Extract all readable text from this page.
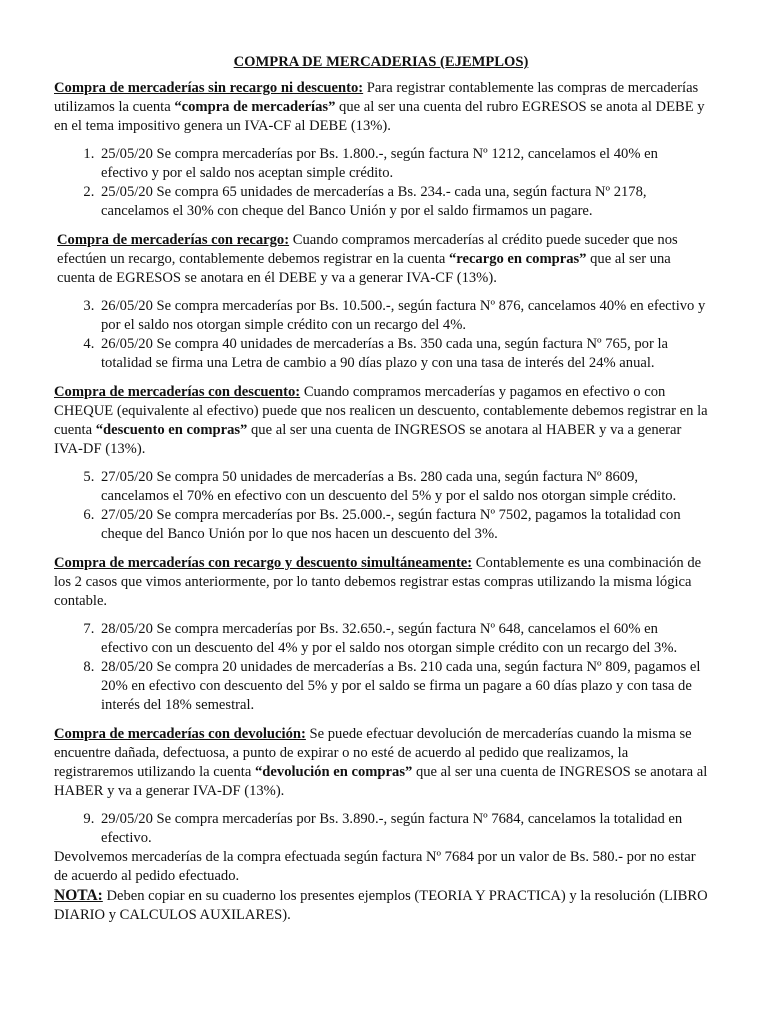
COMPRA DE MERCADERIAS (EJEMPLOS)

Compra de mercaderías sin recargo ni descuento: Para registrar contablemente las compras de mercaderías utilizamos la cuenta “compra de mercaderías” que al ser una cuenta del rubro EGRESOS se anota al DEBE y en el tema impositivo genera un IVA-CF al DEBE (13%).

1. 25/05/20 Se compra mercaderías por Bs. 1.800.-, según factura Nº 1212, cancelamos el 40% en efectivo y por el saldo nos aceptan simple crédito.
2. 25/05/20 Se compra 65 unidades de mercaderías a Bs. 234.- cada una, según factura Nº 2178, cancelamos el 30% con cheque del Banco Unión y por el saldo firmamos un pagare.

Compra de mercaderías con recargo: Cuando compramos mercaderías al crédito puede suceder que nos efectúen un recargo, contablemente debemos registrar en la cuenta “recargo en compras” que al ser una cuenta de EGRESOS se anotara en él DEBE y va a generar IVA-CF (13%).

3. 26/05/20 Se compra mercaderías por Bs. 10.500.-, según factura Nº 876, cancelamos 40% en efectivo y por el saldo nos otorgan simple crédito con un recargo del 4%.
4. 26/05/20 Se compra 40 unidades de mercaderías a Bs. 350 cada una, según factura Nº 765, por la totalidad se firma una Letra de cambio a 90 días plazo y con una tasa de interés del 24% anual.

Compra de mercaderías con descuento: Cuando compramos mercaderías y pagamos en efectivo o con CHEQUE (equivalente al efectivo) puede que nos realicen un descuento, contablemente debemos registrar en la cuenta “descuento en compras” que al ser una cuenta de INGRESOS se anotara al HABER y va a generar IVA-DF (13%).

5. 27/05/20 Se compra 50 unidades de mercaderías a Bs. 280 cada una, según factura Nº 8609, cancelamos el 70% en efectivo con un descuento del 5% y por el saldo nos otorgan simple crédito.
6. 27/05/20 Se compra mercaderías por Bs. 25.000.-, según factura Nº 7502, pagamos la totalidad con cheque del Banco Unión por lo que nos hacen un descuento del 3%.

Compra de mercaderías con recargo y descuento simultáneamente: Contablemente es una combinación de los 2 casos que vimos anteriormente, por lo tanto debemos registrar estas compras utilizando la misma lógica contable.

7. 28/05/20 Se compra mercaderías por Bs. 32.650.-, según factura Nº 648, cancelamos el 60% en efectivo con un descuento del 4% y por el saldo nos otorgan simple crédito con un recargo del 3%.
8. 28/05/20 Se compra 20 unidades de mercaderías a Bs. 210 cada una, según factura Nº 809, pagamos el 20% en efectivo con descuento del 5% y por el saldo se firma un pagare a 60 días plazo y con tasa de interés del 18% semestral.

Compra de mercaderías con devolución: Se puede efectuar devolución de mercaderías cuando la misma se encuentre dañada, defectuosa, a punto de expirar o no esté de acuerdo al pedido que realizamos, la registraremos utilizando la cuenta “devolución en compras” que al ser una cuenta de INGRESOS se anotara al HABER y va a generar IVA-DF (13%).

9. 29/05/20 Se compra mercaderías por Bs. 3.890.-, según factura Nº 7684, cancelamos la totalidad en efectivo.

Devolvemos mercaderías de la compra efectuada según factura Nº 7684 por un valor de Bs. 580.- por no estar de acuerdo al pedido efectuado.

NOTA: Deben copiar en su cuaderno los presentes ejemplos (TEORIA Y PRACTICA) y la resolución (LIBRO DIARIO y CALCULOS AUXILARES).
